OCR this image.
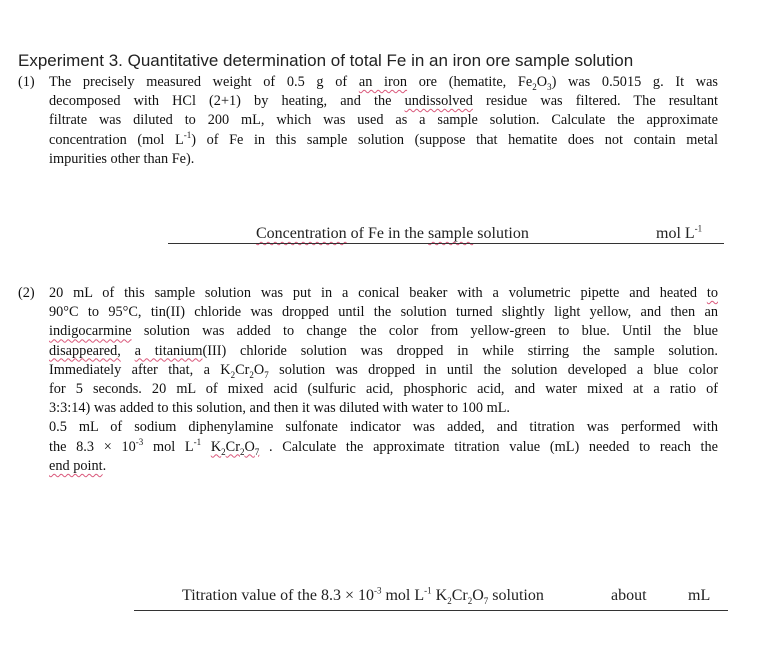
Experiment 3. Quantitative determination of total Fe in an iron ore sample solution
(1) The precisely measured weight of 0.5 g of an iron ore (hematite, $Fe_2O_3$) was 0.5015 g. It was
decomposed with HCl (2+1) by heating, and the undissolved residue was filtered. The resultant
filtrate was diluted to 200 mL, which was used as a sample solution. Calculate the approximate
concentration (mol $L^{-1}$) of Fe in this sample solution (suppose that hematite does not contain metal
impurities other than Fe).
Concentration of Fe in the sample solution	mol $L^{-1}$
(2) 20 mL of this sample solution was put in a conical beaker with a volumetric pipette and heated to
90°C to 95°C, tin(II) chloride was dropped until the solution turned slightly light yellow, and then an
indigocarmine solution was added to change the color from yellow-green to blue. Until the blue
disappeared, a titanium(III) chloride solution was dropped in while stirring the sample solution.
Immediately after that, a $K_2Cr_2O_7$ solution was dropped in until the solution developed a blue color
for 5 seconds. 20 mL of mixed acid (sulfuric acid, phosphoric acid, and water mixed at a ratio of
3:3:14) was added to this solution, and then it was diluted with water to 100 mL.
0.5 mL of sodium diphenylamine sulfonate indicator was added, and titration was performed with
the $8.3 \times 10^{-3}$ mol $L^{-1}$ $K_2Cr_2O_7$ . Calculate the approximate titration value (mL) needed to reach the
end point.
Titration value of the $8.3 \times 10^{-3}$ mol $L^{-1}$ $K_2Cr_2O_7$ solution	about	mL
